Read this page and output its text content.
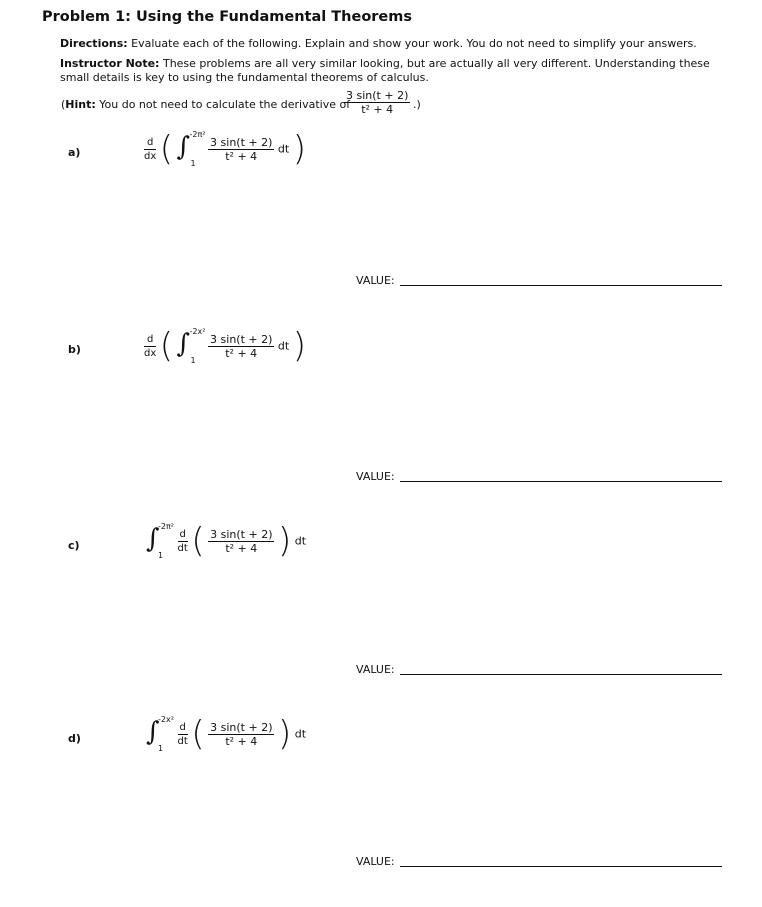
Problem 1: Using the Fundamental Theorems
Directions: Evaluate each of the following. Explain and show your work. You do not need to simplify your answers.
Instructor Note: These problems are all very similar looking, but are actually all very different. Understanding these small details is key to using the fundamental theorems of calculus.
(Hint: You do not need to calculate the derivative of
$\frac{3 \sin(t + 2)}{\text{t² + 4}}$ .)
a)	$\frac{d}{dx}$ ( ∫ -2π²
1

$\frac{3 \sin(t + 2)}{\text{t² + 4}}$ dt )
VALUE:
b)	$\frac{d}{dx}$ ( ∫ -2x²
1

$\frac{3 \sin(t + 2)}{\text{t² + 4}}$ dt )
VALUE:
c)	∫
-2π²
1

$\frac{d}{dt}$ ( $\frac{3 \sin(t + 2)}{\text{t² + 4}}$ ) dt
VALUE:
d)	∫
-2x²
1

$\frac{d}{dt}$ ( $\frac{3 \sin(t + 2)}{\text{t² + 4}}$ ) dt
VALUE:
